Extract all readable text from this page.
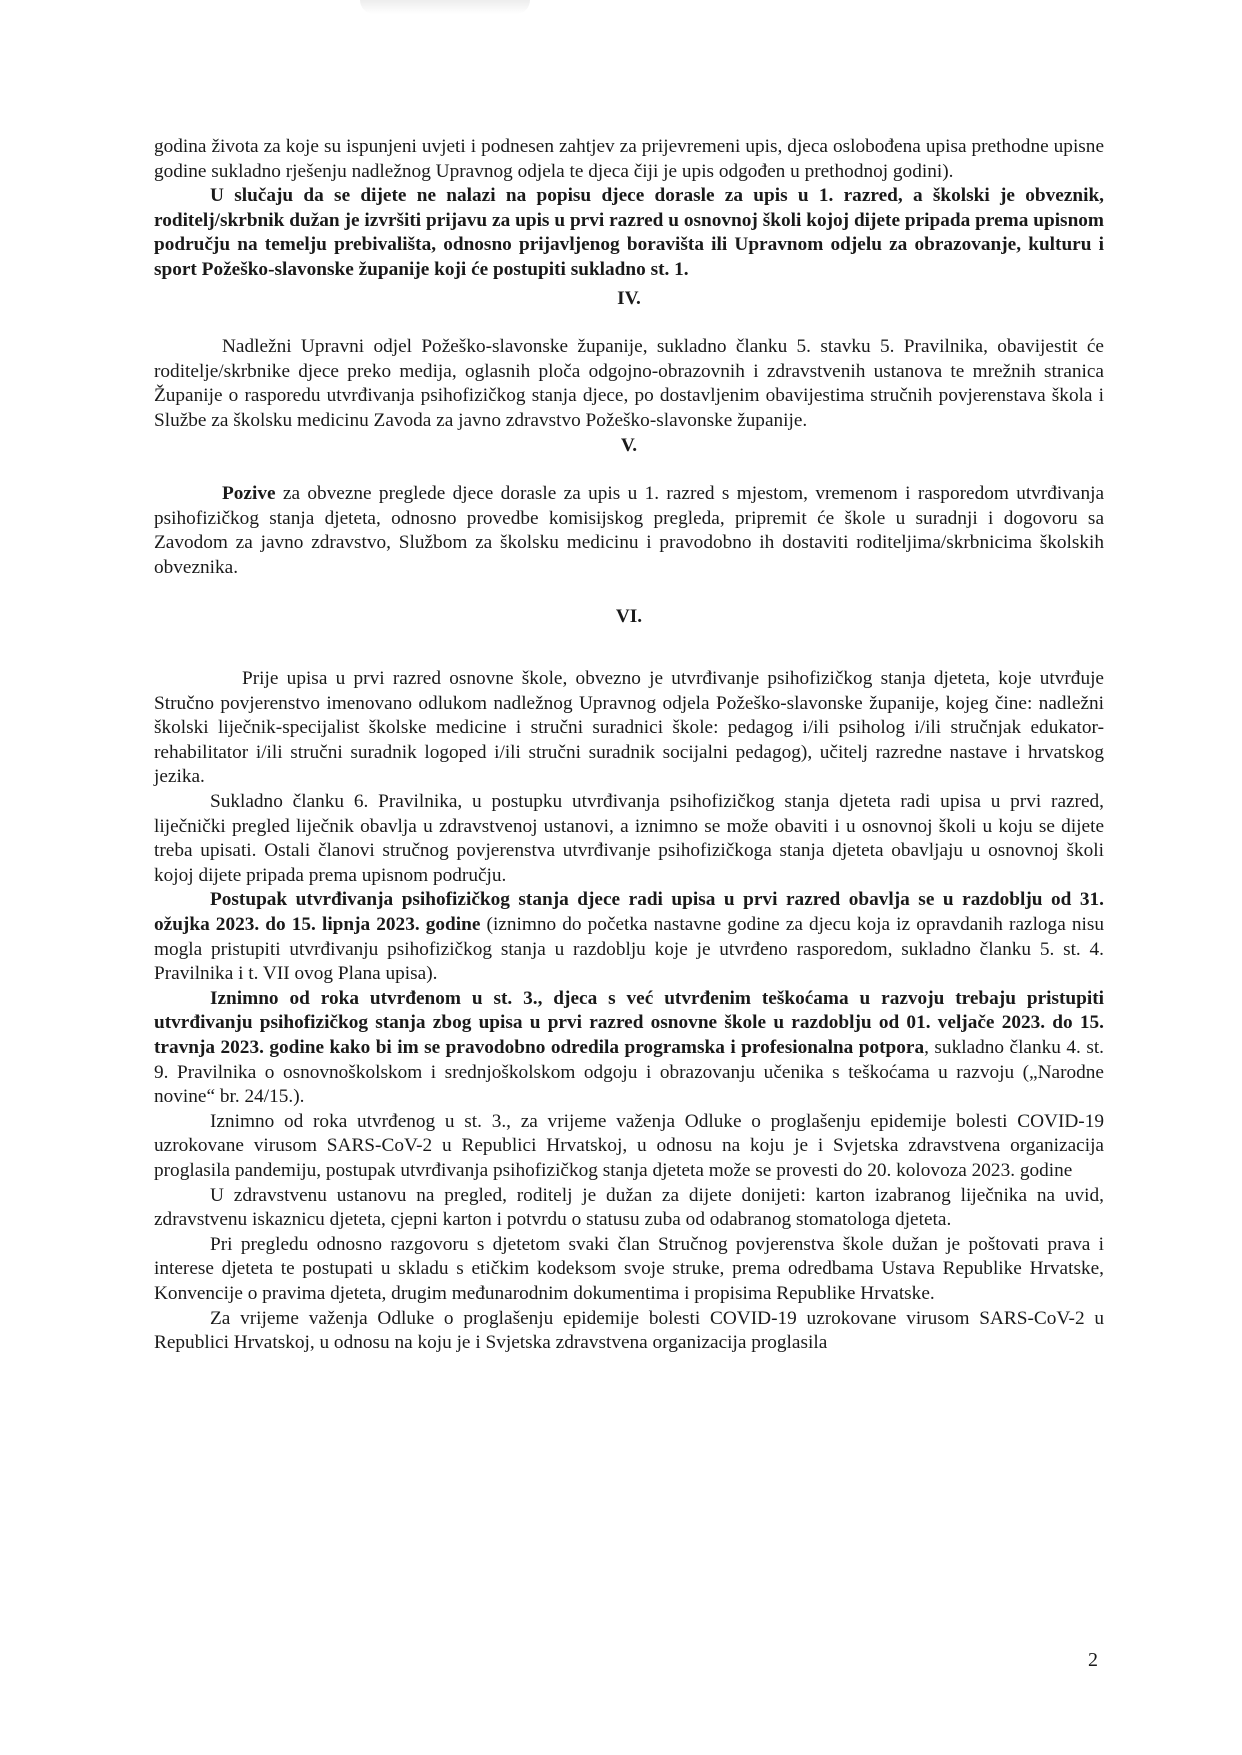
godina života za koje su ispunjeni uvjeti i podnesen zahtjev za prijevremeni upis, djeca oslobođena upisa prethodne upisne godine sukladno rješenju nadležnog Upravnog odjela te djeca čiji je upis odgođen u prethodnoj godini).

U slučaju da se dijete ne nalazi na popisu djece dorasle za upis u 1. razred, a školski je obveznik, roditelj/skrbnik dužan je izvršiti prijavu za upis u prvi razred u osnovnoj školi kojoj dijete pripada prema upisnom području na temelju prebivališta, odnosno prijavljenog boravišta ili Upravnom odjelu za obrazovanje, kulturu i sport Požeško-slavonske županije koji će postupiti sukladno st. 1.

IV.

Nadležni Upravni odjel Požeško-slavonske županije, sukladno članku 5. stavku 5. Pravilnika, obavijestit će roditelje/skrbnike djece preko medija, oglasnih ploča odgojno-obrazovnih i zdravstvenih ustanova te mrežnih stranica Županije o rasporedu utvrđivanja psihofizičkog stanja djece, po dostavljenim obavijestima stručnih povjerenstava škola i Službe za školsku medicinu Zavoda za javno zdravstvo Požeško-slavonske županije.

V.

Pozive za obvezne preglede djece dorasle za upis u 1. razred s mjestom, vremenom i rasporedom utvrđivanja psihofizičkog stanja djeteta, odnosno provedbe komisijskog pregleda, pripremit će škole u suradnji i dogovoru sa Zavodom za javno zdravstvo, Službom za školsku medicinu i pravodobno ih dostaviti roditeljima/skrbnicima školskih obveznika.

VI.

Prije upisa u prvi razred osnovne škole, obvezno je utvrđivanje psihofizičkog stanja djeteta, koje utvrđuje Stručno povjerenstvo imenovano odlukom nadležnog Upravnog odjela Požeško-slavonske županije, kojeg čine: nadležni školski liječnik-specijalist školske medicine i stručni suradnici škole: pedagog i/ili psiholog i/ili stručnjak edukator-rehabilitator i/ili stručni suradnik logoped i/ili stručni suradnik socijalni pedagog), učitelj razredne nastave i hrvatskog jezika.

Sukladno članku 6. Pravilnika, u postupku utvrđivanja psihofizičkog stanja djeteta radi upisa u prvi razred, liječnički pregled liječnik obavlja u zdravstvenoj ustanovi, a iznimno se može obaviti i u osnovnoj školi u koju se dijete treba upisati. Ostali članovi stručnog povjerenstva utvrđivanje psihofizičkoga stanja djeteta obavljaju u osnovnoj školi kojoj dijete pripada prema upisnom području.

Postupak utvrđivanja psihofizičkog stanja djece radi upisa u prvi razred obavlja se u razdoblju od 31. ožujka 2023. do 15. lipnja 2023. godine (iznimno do početka nastavne godine za djecu koja iz opravdanih razloga nisu mogla pristupiti utvrđivanju psihofizičkog stanja u razdoblju koje je utvrđeno rasporedom, sukladno članku 5. st. 4. Pravilnika i t. VII ovog Plana upisa).

Iznimno od roka utvrđenom u st. 3., djeca s već utvrđenim teškoćama u razvoju trebaju pristupiti utvrđivanju psihofizičkog stanja zbog upisa u prvi razred osnovne škole u razdoblju od 01. veljače 2023. do 15. travnja 2023. godine kako bi im se pravodobno odredila programska i profesionalna potpora, sukladno članku 4. st. 9. Pravilnika o osnovnoškolskom i srednjoškolskom odgoju i obrazovanju učenika s teškoćama u razvoju („Narodne novine“ br. 24/15.).

Iznimno od roka utvrđenog u st. 3., za vrijeme važenja Odluke o proglašenju epidemije bolesti COVID-19 uzrokovane virusom SARS-CoV-2 u Republici Hrvatskoj, u odnosu na koju je i Svjetska zdravstvena organizacija proglasila pandemiju, postupak utvrđivanja psihofizičkog stanja djeteta može se provesti do 20. kolovoza 2023. godine

U zdravstvenu ustanovu na pregled, roditelj je dužan za dijete donijeti: karton izabranog liječnika na uvid, zdravstvenu iskaznicu djeteta, cjepni karton i potvrdu o statusu zuba od odabranog stomatologa djeteta.

Pri pregledu odnosno razgovoru s djetetom svaki član Stručnog povjerenstva škole dužan je poštovati prava i interese djeteta te postupati u skladu s etičkim kodeksom svoje struke, prema odredbama Ustava Republike Hrvatske, Konvencije o pravima djeteta, drugim međunarodnim dokumentima i propisima Republike Hrvatske.

Za vrijeme važenja Odluke o proglašenju epidemije bolesti COVID-19 uzrokovane virusom SARS-CoV-2 u Republici Hrvatskoj, u odnosu na koju je i Svjetska zdravstvena organizacija proglasila

2
